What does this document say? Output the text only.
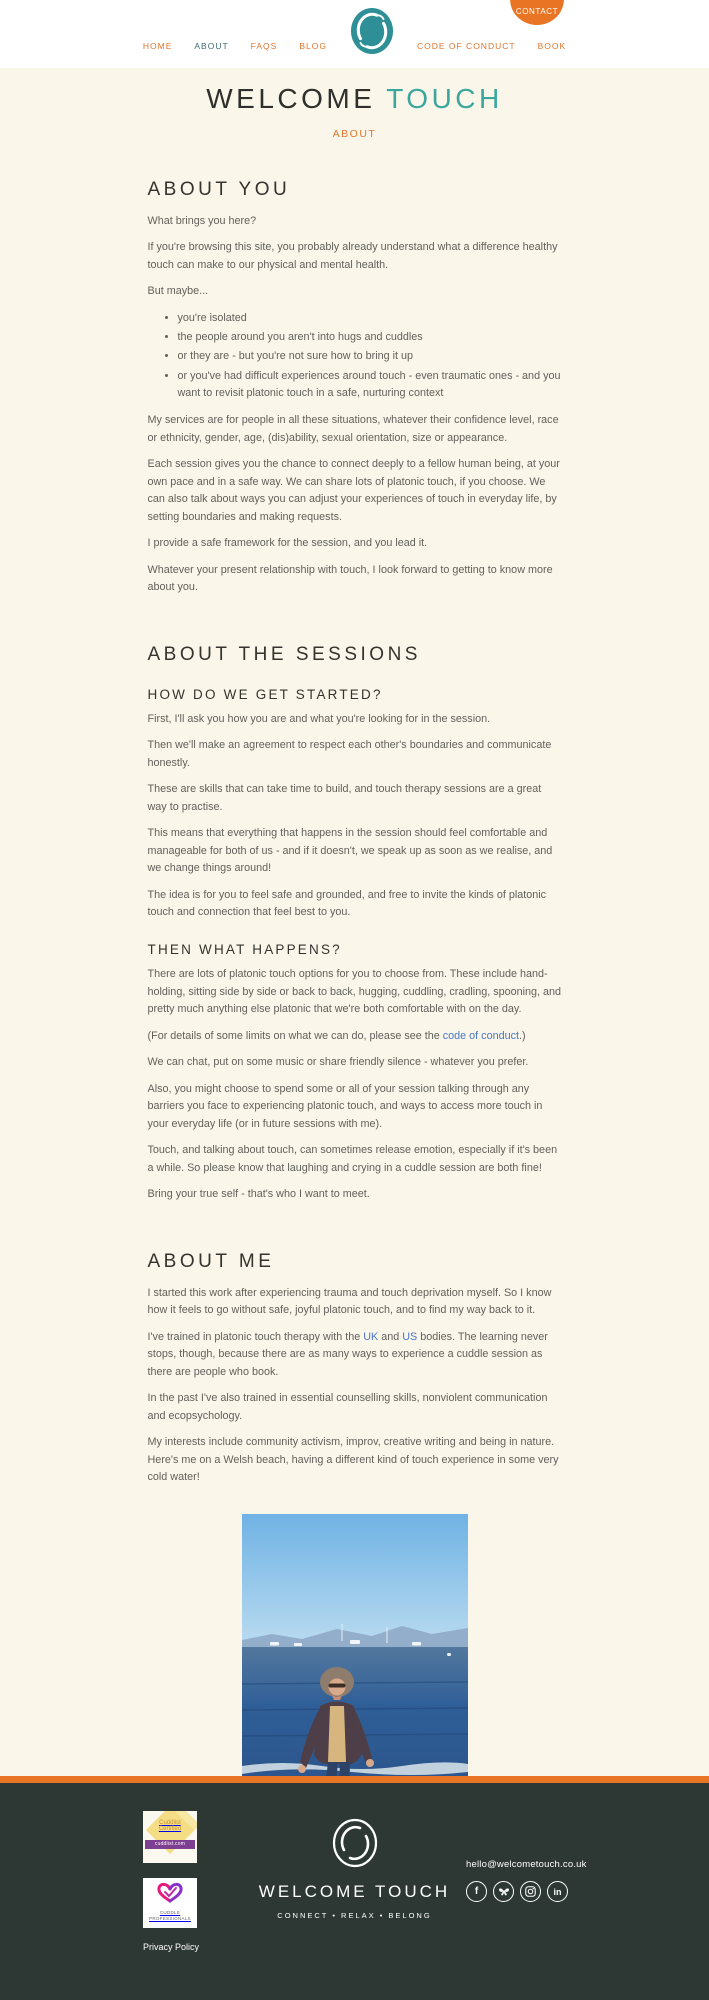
CONTACT
HOME	ABOUT	FAQS	BLOG	CODE OF CONDUCT	BOOK
WELCOME TOUCH
ABOUT
ABOUT YOU

What brings you here?

If you're browsing this site, you probably already understand what a difference healthy touch can make to our physical and mental health.

But maybe...

• you're isolated
• the people around you aren't into hugs and cuddles
• or they are - but you're not sure how to bring it up
• or you've had difficult experiences around touch - even traumatic ones - and you want to revisit platonic touch in a safe, nurturing context

My services are for people in all these situations, whatever their confidence level, race or ethnicity, gender, age, (dis)ability, sexual orientation, size or appearance.

Each session gives you the chance to connect deeply to a fellow human being, at your own pace and in a safe way. We can share lots of platonic touch, if you choose. We can also talk about ways you can adjust your experiences of touch in everyday life, by setting boundaries and making requests.

I provide a safe framework for the session, and you lead it.

Whatever your present relationship with touch, I look forward to getting to know more about you.

ABOUT THE SESSIONS
HOW DO WE GET STARTED?

First, I'll ask you how you are and what you're looking for in the session.

Then we'll make an agreement to respect each other's boundaries and communicate honestly.

These are skills that can take time to build, and touch therapy sessions are a great way to practise.

This means that everything that happens in the session should feel comfortable and manageable for both of us - and if it doesn't, we speak up as soon as we realise, and we change things around!

The idea is for you to feel safe and grounded, and free to invite the kinds of platonic touch and connection that feel best to you.

THEN WHAT HAPPENS?

There are lots of platonic touch options for you to choose from. These include hand-holding, sitting side by side or back to back, hugging, cuddling, cradling, spooning, and pretty much anything else platonic that we're both comfortable with on the day.

(For details of some limits on what we can do, please see the code of conduct.)

We can chat, put on some music or share friendly silence - whatever you prefer.

Also, you might choose to spend some or all of your session talking through any barriers you face to experiencing platonic touch, and ways to access more touch in your everyday life (or in future sessions with me).

Touch, and talking about touch, can sometimes release emotion, especially if it's been a while. So please know that laughing and crying in a cuddle session are both fine!

Bring your true self - that's who I want to meet.

ABOUT ME

I started this work after experiencing trauma and touch deprivation myself. So I know how it feels to go without safe, joyful platonic touch, and to find my way back to it.

I've trained in platonic touch therapy with the UK and US bodies. The learning never stops, though, because there are as many ways to experience a cuddle session as there are people who book.

In the past I've also trained in essential counselling skills, nonviolent communication and ecopsychology.

My interests include community activism, improv, creative writing and being in nature. Here's me on a Welsh beach, having a different kind of touch experience in some very cold water!

Cuddlist
Certified
cuddlist.com
CUDDLE
PROFESSIONALS
Privacy Policy
WELCOME TOUCH
CONNECT • RELAX • BELONG
hello@welcometouch.co.uk
f	in
